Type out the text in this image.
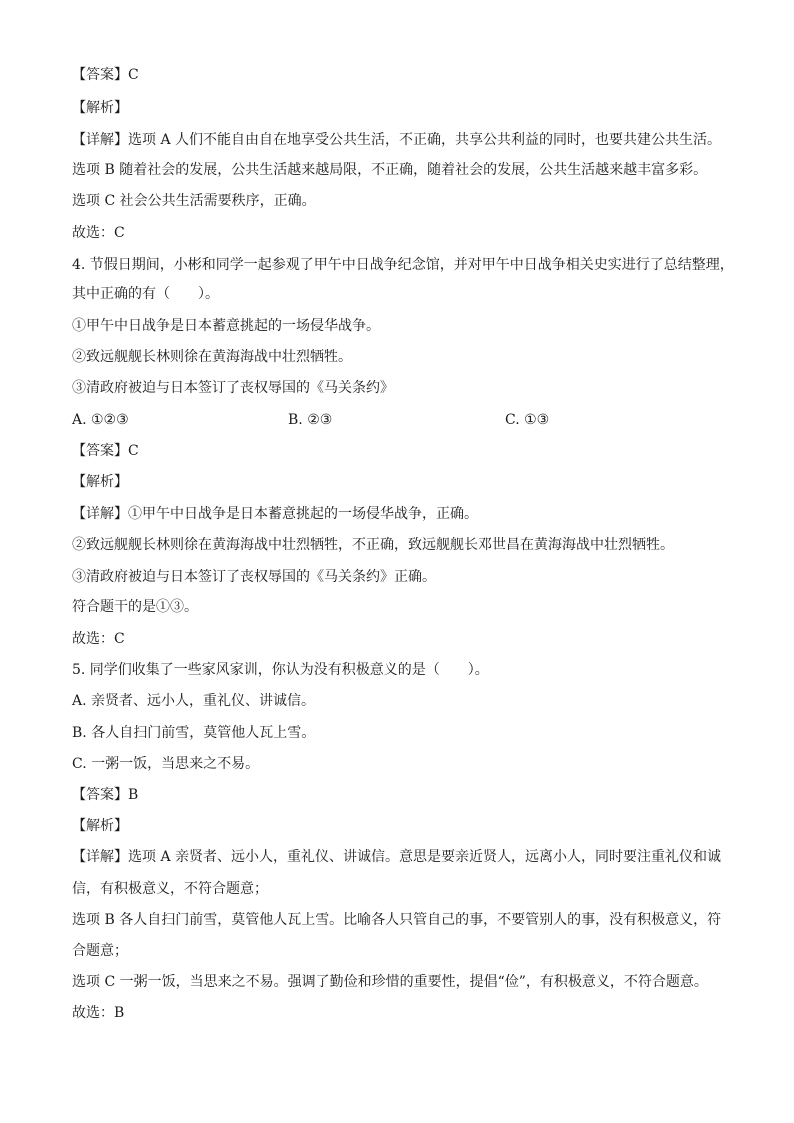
【答案】C
【解析】
【详解】选项 A 人们不能自由自在地享受公共生活，不正确，共享公共利益的同时，也要共建公共生活。
选项 B 随着社会的发展，公共生活越来越局限，不正确，随着社会的发展，公共生活越来越丰富多彩。
选项 C 社会公共生活需要秩序，正确。
故选：C
4. 节假日期间，小彬和同学一起参观了甲午中日战争纪念馆，并对甲午中日战争相关史实进行了总结整理，
其中正确的有（　　）。
①甲午中日战争是日本蓄意挑起的一场侵华战争。
②致远舰舰长林则徐在黄海海战中壮烈牺牲。
③清政府被迫与日本签订了丧权辱国的《马关条约》
A. ①②③	B. ②③	C. ①③
【答案】C
【解析】
【详解】①甲午中日战争是日本蓄意挑起的一场侵华战争，正确。
②致远舰舰长林则徐在黄海海战中壮烈牺牲，不正确，致远舰舰长邓世昌在黄海海战中壮烈牺牲。
③清政府被迫与日本签订了丧权辱国的《马关条约》正确。
符合题干的是①③。
故选：C
5. 同学们收集了一些家风家训，你认为没有积极意义的是（　　）。
A. 亲贤者、远小人，重礼仪、讲诚信。
B. 各人自扫门前雪，莫管他人瓦上雪。
C. 一粥一饭，当思来之不易。
【答案】B
【解析】
【详解】选项 A 亲贤者、远小人，重礼仪、讲诚信。意思是要亲近贤人，远离小人，同时要注重礼仪和诚
信，有积极意义，不符合题意；
选项 B 各人自扫门前雪，莫管他人瓦上雪。比喻各人只管自己的事，不要管别人的事，没有积极意义，符
合题意；
选项 C 一粥一饭，当思来之不易。强调了勤俭和珍惜的重要性，提倡“俭”，有积极意义，不符合题意。
故选：B
